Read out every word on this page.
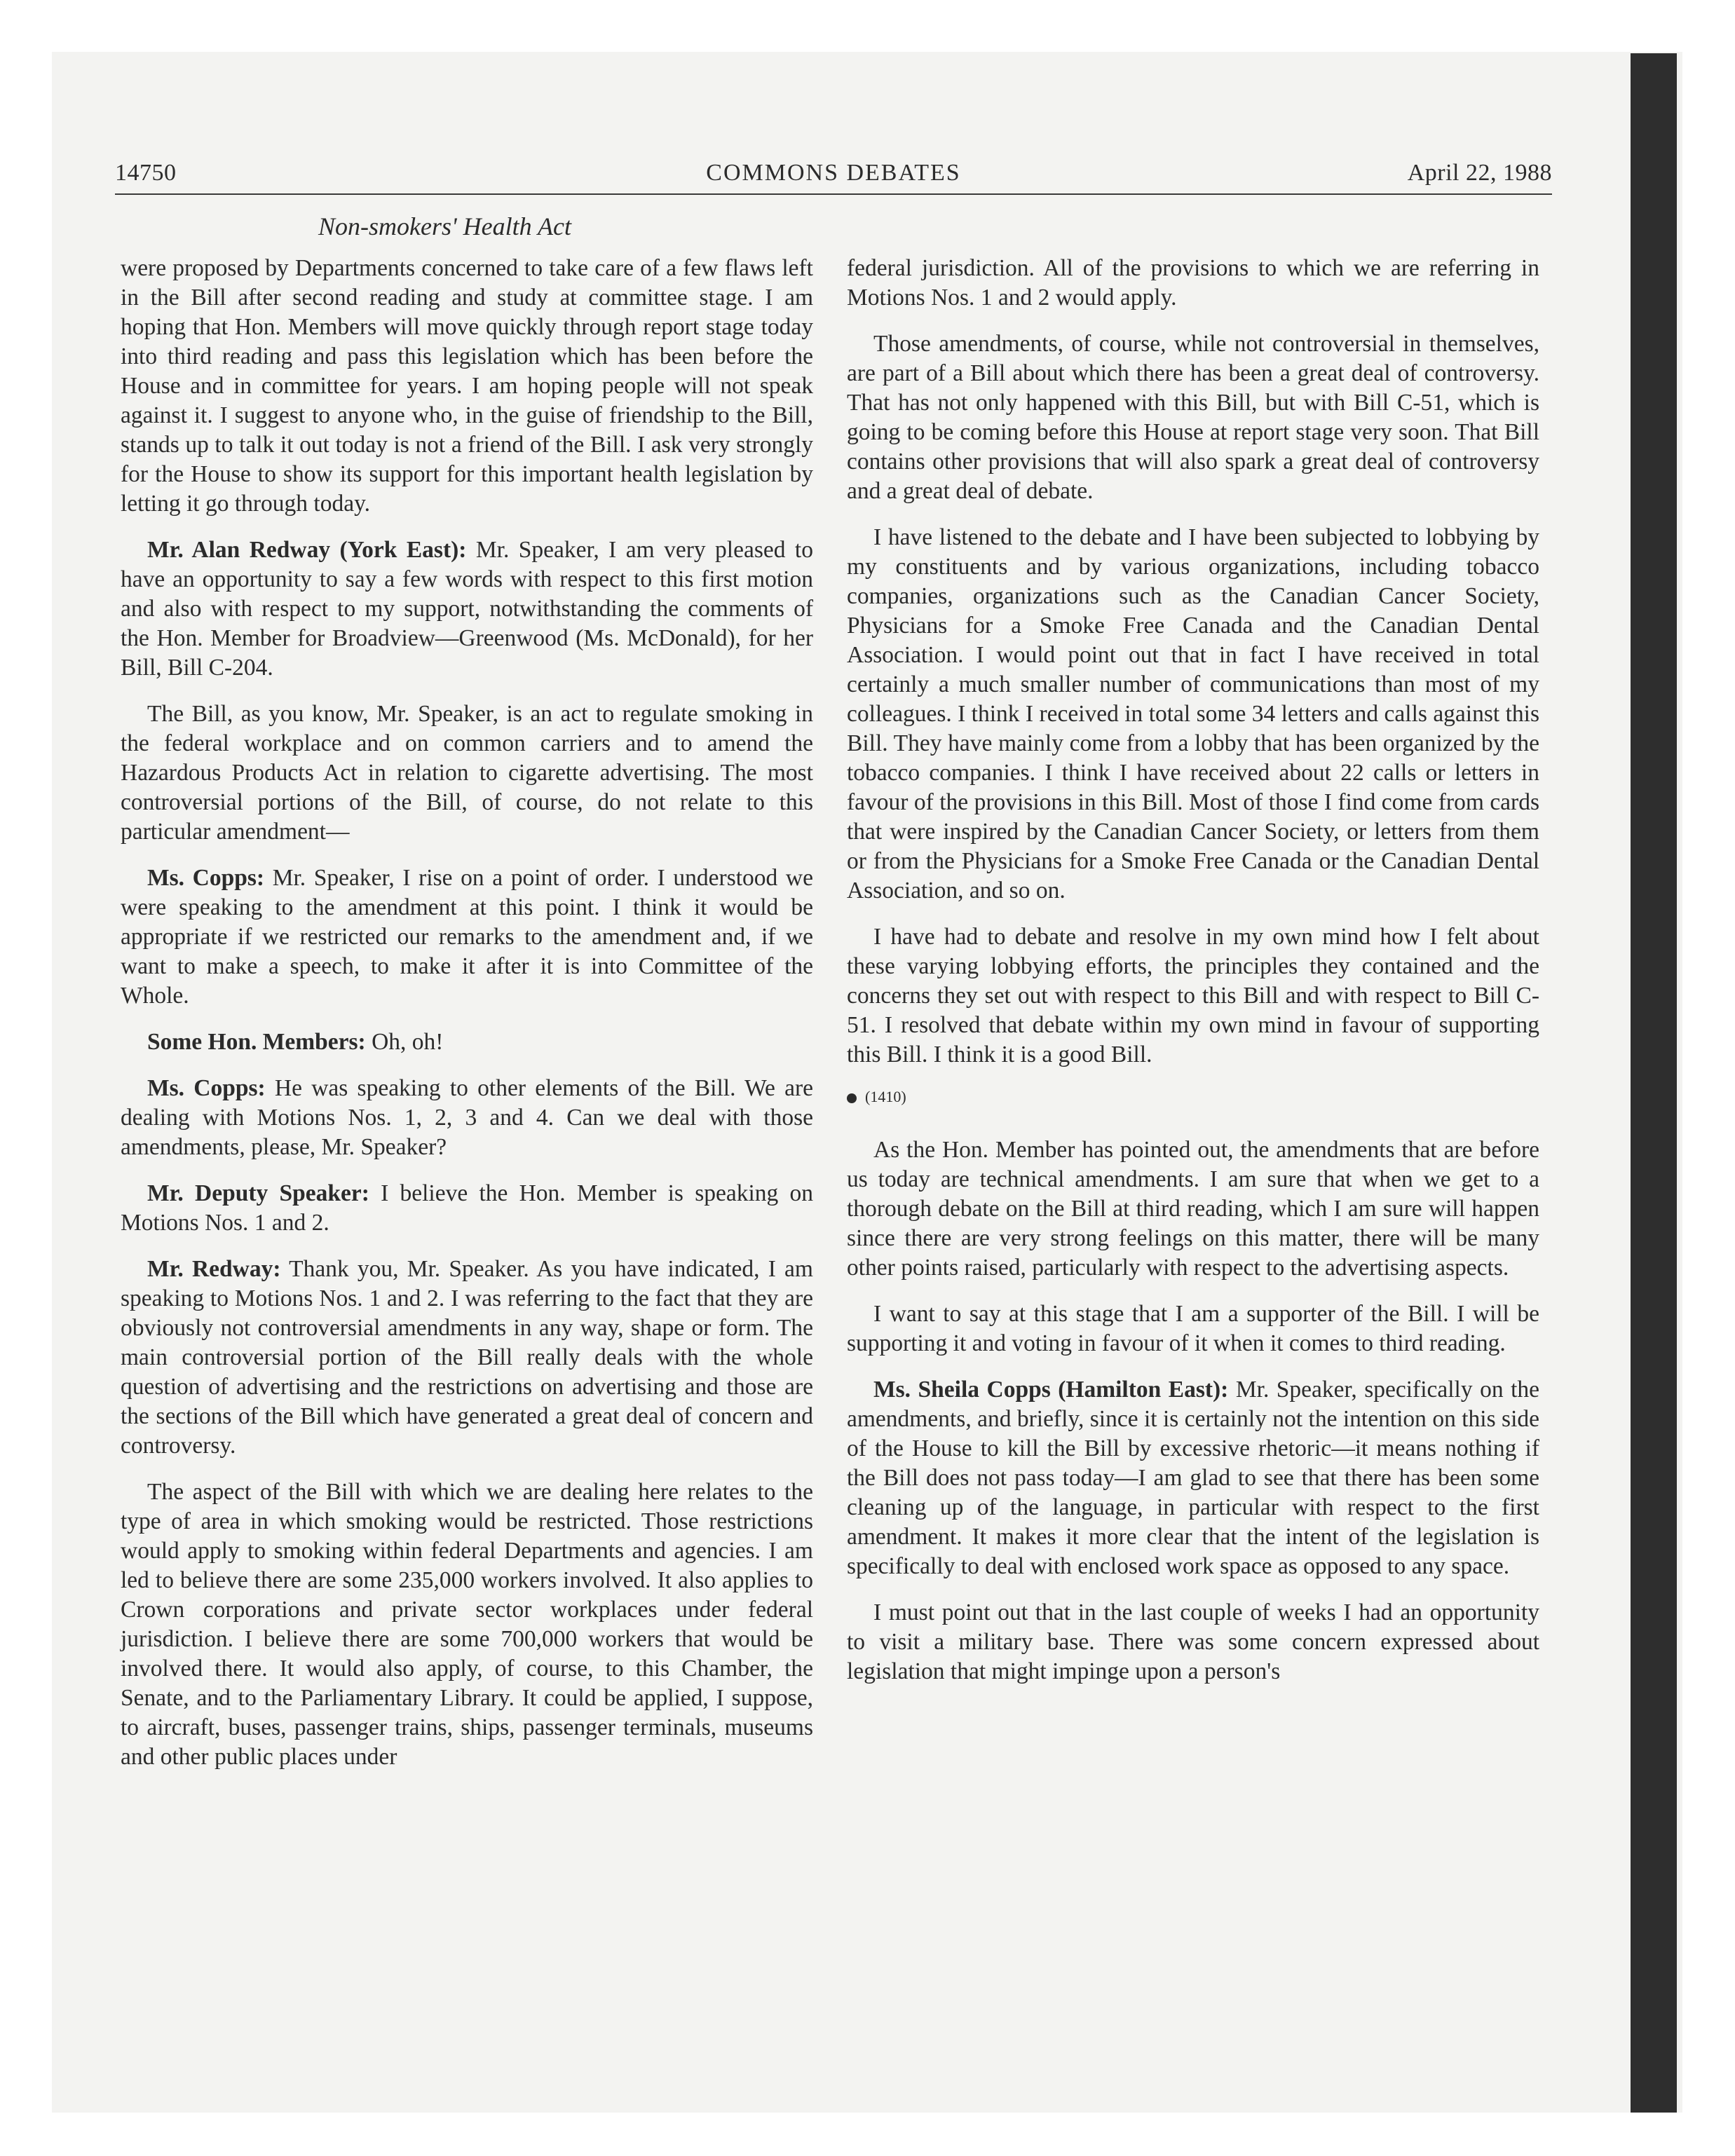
14750	COMMONS DEBATES	April 22, 1988
Non-smokers' Health Act

were proposed by Departments concerned to take care of a few flaws left in the Bill after second reading and study at committee stage. I am hoping that Hon. Members will move quickly through report stage today into third reading and pass this legislation which has been before the House and in committee for years. I am hoping people will not speak against it. I suggest to anyone who, in the guise of friendship to the Bill, stands up to talk it out today is not a friend of the Bill. I ask very strongly for the House to show its support for this important health legislation by letting it go through today.

Mr. Alan Redway (York East): Mr. Speaker, I am very pleased to have an opportunity to say a few words with respect to this first motion and also with respect to my support, notwithstanding the comments of the Hon. Member for Broadview—Greenwood (Ms. McDonald), for her Bill, Bill C-204.

The Bill, as you know, Mr. Speaker, is an act to regulate smoking in the federal workplace and on common carriers and to amend the Hazardous Products Act in relation to cigarette advertising. The most controversial portions of the Bill, of course, do not relate to this particular amendment—

Ms. Copps: Mr. Speaker, I rise on a point of order. I understood we were speaking to the amendment at this point. I think it would be appropriate if we restricted our remarks to the amendment and, if we want to make a speech, to make it after it is into Committee of the Whole.

Some Hon. Members: Oh, oh!

Ms. Copps: He was speaking to other elements of the Bill. We are dealing with Motions Nos. 1, 2, 3 and 4. Can we deal with those amendments, please, Mr. Speaker?

Mr. Deputy Speaker: I believe the Hon. Member is speaking on Motions Nos. 1 and 2.

Mr. Redway: Thank you, Mr. Speaker. As you have indicated, I am speaking to Motions Nos. 1 and 2. I was referring to the fact that they are obviously not controversial amendments in any way, shape or form. The main controversial portion of the Bill really deals with the whole question of advertising and the restrictions on advertising and those are the sections of the Bill which have generated a great deal of concern and controversy.

The aspect of the Bill with which we are dealing here relates to the type of area in which smoking would be restricted. Those restrictions would apply to smoking within federal Departments and agencies. I am led to believe there are some 235,000 workers involved. It also applies to Crown corporations and private sector workplaces under federal jurisdiction. I believe there are some 700,000 workers that would be involved there. It would also apply, of course, to this Chamber, the Senate, and to the Parliamentary Library. It could be applied, I suppose, to aircraft, buses, passenger trains, ships, passenger terminals, museums and other public places under

federal jurisdiction. All of the provisions to which we are referring in Motions Nos. 1 and 2 would apply.

Those amendments, of course, while not controversial in themselves, are part of a Bill about which there has been a great deal of controversy. That has not only happened with this Bill, but with Bill C-51, which is going to be coming before this House at report stage very soon. That Bill contains other provisions that will also spark a great deal of controversy and a great deal of debate.

I have listened to the debate and I have been subjected to lobbying by my constituents and by various organizations, including tobacco companies, organizations such as the Canadian Cancer Society, Physicians for a Smoke Free Canada and the Canadian Dental Association. I would point out that in fact I have received in total certainly a much smaller number of communications than most of my colleagues. I think I received in total some 34 letters and calls against this Bill. They have mainly come from a lobby that has been organized by the tobacco companies. I think I have received about 22 calls or letters in favour of the provisions in this Bill. Most of those I find come from cards that were inspired by the Canadian Cancer Society, or letters from them or from the Physicians for a Smoke Free Canada or the Canadian Dental Association, and so on.

I have had to debate and resolve in my own mind how I felt about these varying lobbying efforts, the principles they contained and the concerns they set out with respect to this Bill and with respect to Bill C-51. I resolved that debate within my own mind in favour of supporting this Bill. I think it is a good Bill.

(1410)

As the Hon. Member has pointed out, the amendments that are before us today are technical amendments. I am sure that when we get to a thorough debate on the Bill at third reading, which I am sure will happen since there are very strong feelings on this matter, there will be many other points raised, particularly with respect to the advertising aspects.

I want to say at this stage that I am a supporter of the Bill. I will be supporting it and voting in favour of it when it comes to third reading.

Ms. Sheila Copps (Hamilton East): Mr. Speaker, specifically on the amendments, and briefly, since it is certainly not the intention on this side of the House to kill the Bill by excessive rhetoric—it means nothing if the Bill does not pass today—I am glad to see that there has been some cleaning up of the language, in particular with respect to the first amendment. It makes it more clear that the intent of the legislation is specifically to deal with enclosed work space as opposed to any space.

I must point out that in the last couple of weeks I had an opportunity to visit a military base. There was some concern expressed about legislation that might impinge upon a person's
